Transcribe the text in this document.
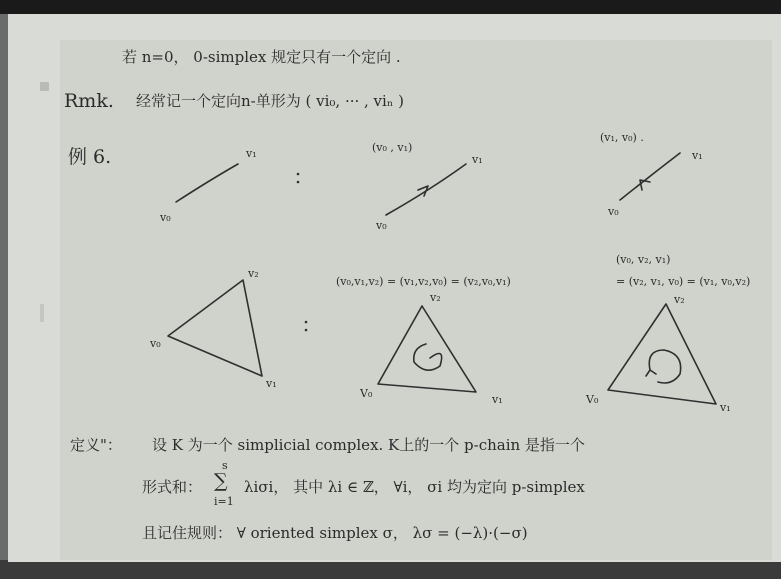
若 n=0， 0-simplex 规定只有一个定向 .
Rmk. 经常记一个定向n-单形为 ( vi₀, ··· , viₙ )
例 6.	v₁
v₀
(v₀ , v₁)
v₁
v₀
(v₁, v₀) .
v₁
v₀
v₂
v₀
v₁
(v₀,v₁,v₂) = (v₁,v₂,v₀) = (v₂,v₀,v₁)
v₂
V₀	v₁
(v₀, v₂, v₁)
= (v₂, v₁, v₀) = (v₁, v₀,v₂)
v₂
V₀
v₁
定义"： 设 K 为一个 simplicial complex. K上的一个 p-chain 是指一个
形式和：
s
∑
i=1
λiσi， 其中 λi ∈ ℤ， ∀i， σi 均为定向 p-simplex
且记住规则： ∀ oriented simplex σ， λσ = (−λ)·(−σ)
